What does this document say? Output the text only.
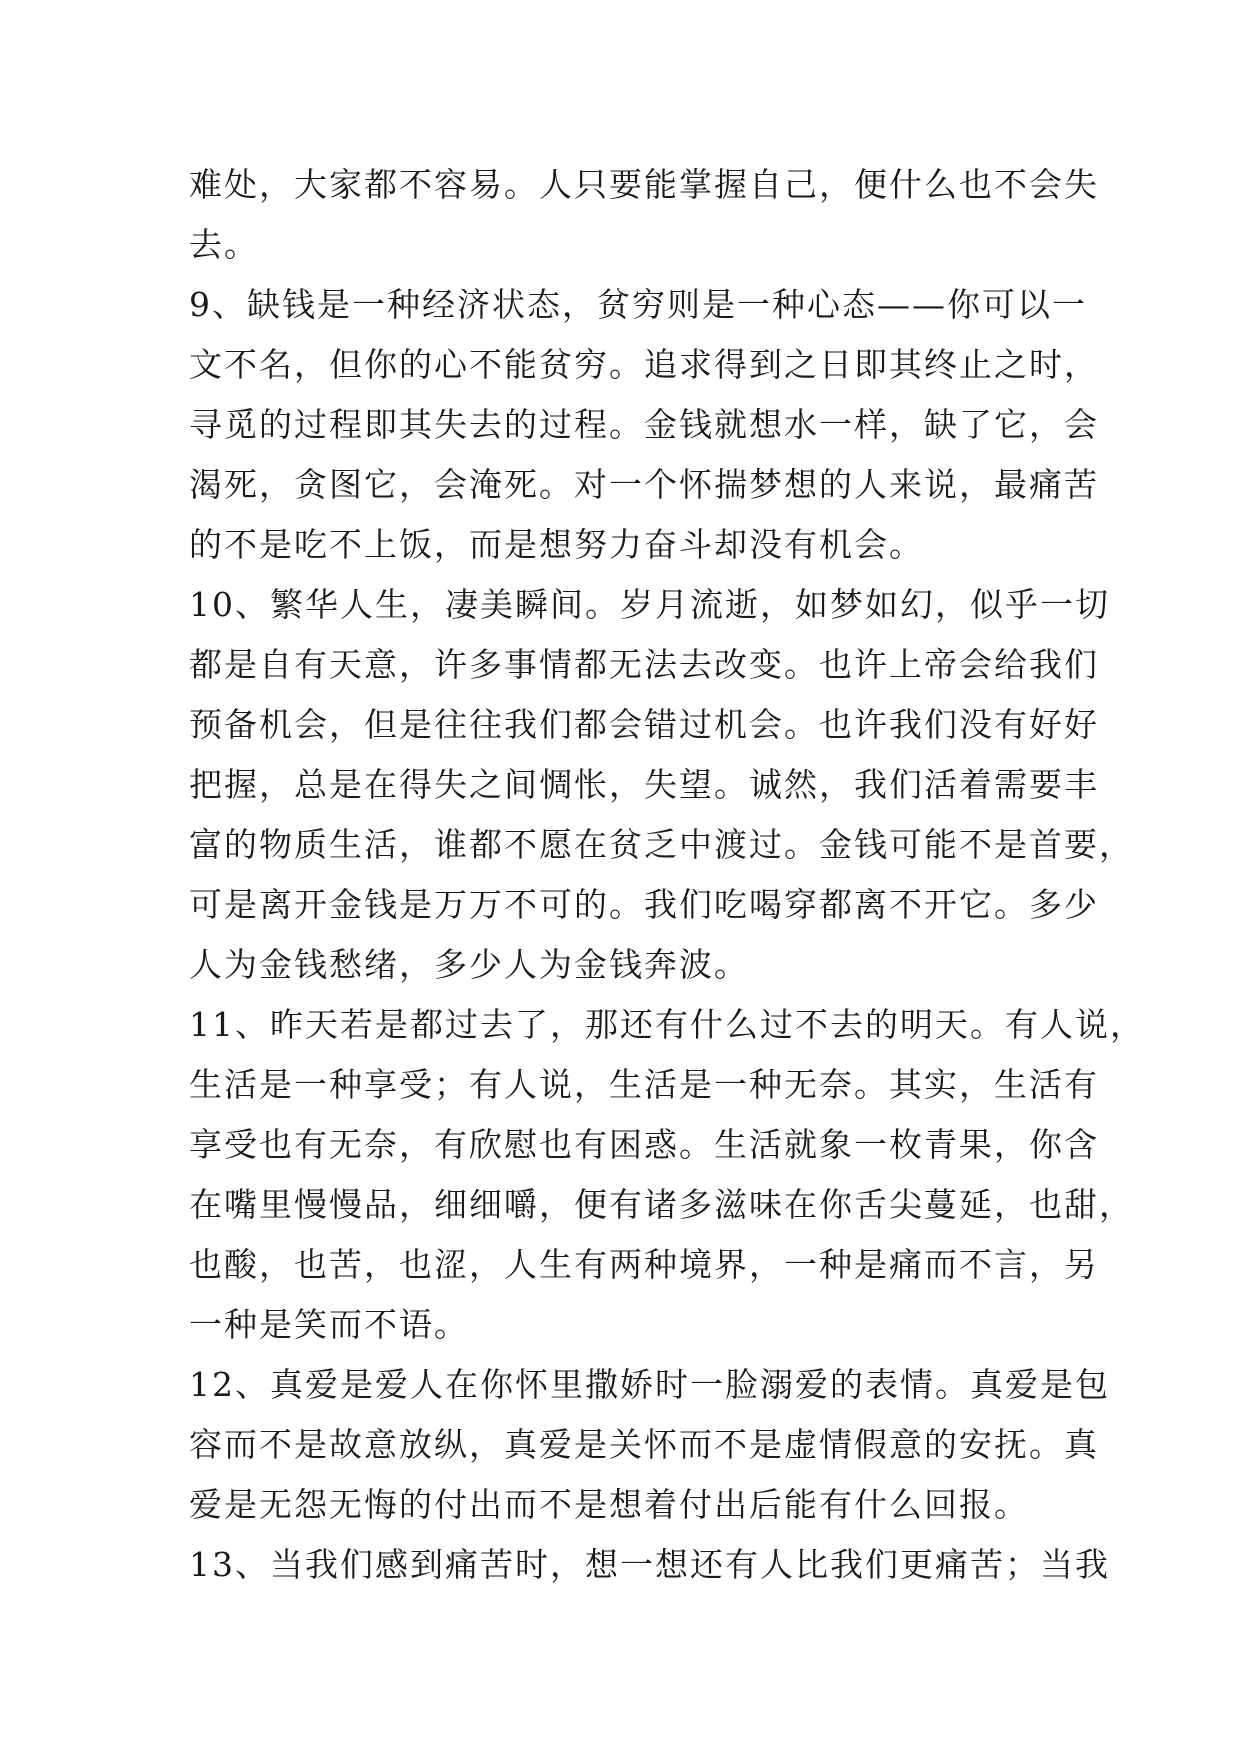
难处，大家都不容易。人只要能掌握自己，便什么也不会失
去。
9、缺钱是一种经济状态，贫穷则是一种心态——你可以一
文不名，但你的心不能贫穷。追求得到之日即其终止之时，
寻觅的过程即其失去的过程。金钱就想水一样，缺了它，会
渴死，贪图它，会淹死。对一个怀揣梦想的人来说，最痛苦
的不是吃不上饭，而是想努力奋斗却没有机会。
10、繁华人生，凄美瞬间。岁月流逝，如梦如幻，似乎一切
都是自有天意，许多事情都无法去改变。也许上帝会给我们
预备机会，但是往往我们都会错过机会。也许我们没有好好
把握，总是在得失之间惆怅，失望。诚然，我们活着需要丰
富的物质生活，谁都不愿在贫乏中渡过。金钱可能不是首要，
可是离开金钱是万万不可的。我们吃喝穿都离不开它。多少
人为金钱愁绪，多少人为金钱奔波。
11、昨天若是都过去了，那还有什么过不去的明天。有人说，
生活是一种享受；有人说，生活是一种无奈。其实，生活有
享受也有无奈，有欣慰也有困惑。生活就象一枚青果，你含
在嘴里慢慢品，细细嚼，便有诸多滋味在你舌尖蔓延，也甜，
也酸，也苦，也涩，人生有两种境界，一种是痛而不言，另
一种是笑而不语。
12、真爱是爱人在你怀里撒娇时一脸溺爱的表情。真爱是包
容而不是故意放纵，真爱是关怀而不是虚情假意的安抚。真
爱是无怨无悔的付出而不是想着付出后能有什么回报。
13、当我们感到痛苦时，想一想还有人比我们更痛苦；当我
